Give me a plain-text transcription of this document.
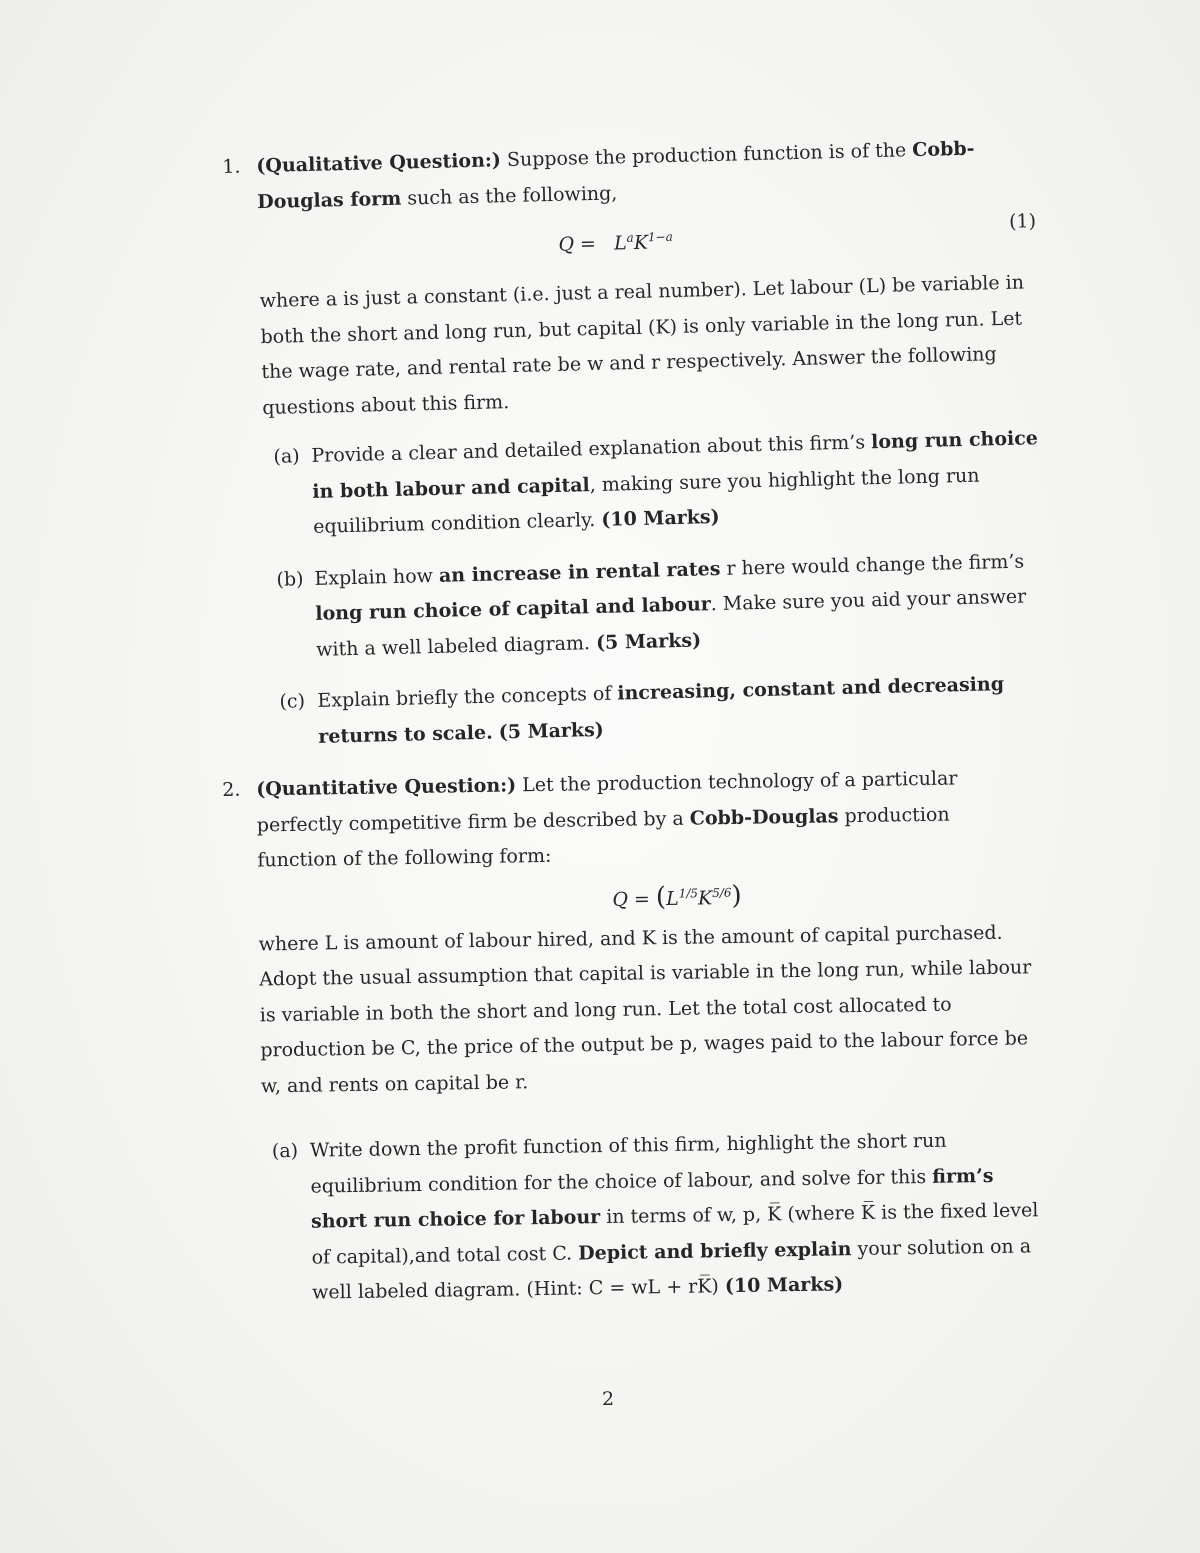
1. (Qualitative Question:) Suppose the production function is of the Cobb-Douglas form such as the following,

$Q = L^aK^{1-a}$
(1)

where a is just a constant (i.e. just a real number). Let labour (L) be variable in both the short and long run, but capital (K) is only variable in the long run. Let the wage rate, and rental rate be w and r respectively. Answer the following questions about this firm.

(a) Provide a clear and detailed explanation about this firm’s long run choice in both labour and capital, making sure you highlight the long run equilibrium condition clearly. (10 Marks)

(b) Explain how an increase in rental rates r here would change the firm’s long run choice of capital and labour. Make sure you aid your answer with a well labeled diagram. (5 Marks)

(c) Explain briefly the concepts of increasing, constant and decreasing returns to scale. (5 Marks)

2. (Quantitative Question:) Let the production technology of a particular perfectly competitive firm be described by a Cobb-Douglas production function of the following form:

$Q = (L^{1/5}K^{5/6})$

where L is amount of labour hired, and K is the amount of capital purchased. Adopt the usual assumption that capital is variable in the long run, while labour is variable in both the short and long run. Let the total cost allocated to production be C, the price of the output be p, wages paid to the labour force be w, and rents on capital be r.

(a) Write down the profit function of this firm, highlight the short run equilibrium condition for the choice of labour, and solve for this firm’s short run choice for labour in terms of w, p, K̅ (where K̅ is the fixed level of capital),and total cost C. Depict and briefly explain your solution on a well labeled diagram. (Hint: C = wL + rK̅) (10 Marks)

2
